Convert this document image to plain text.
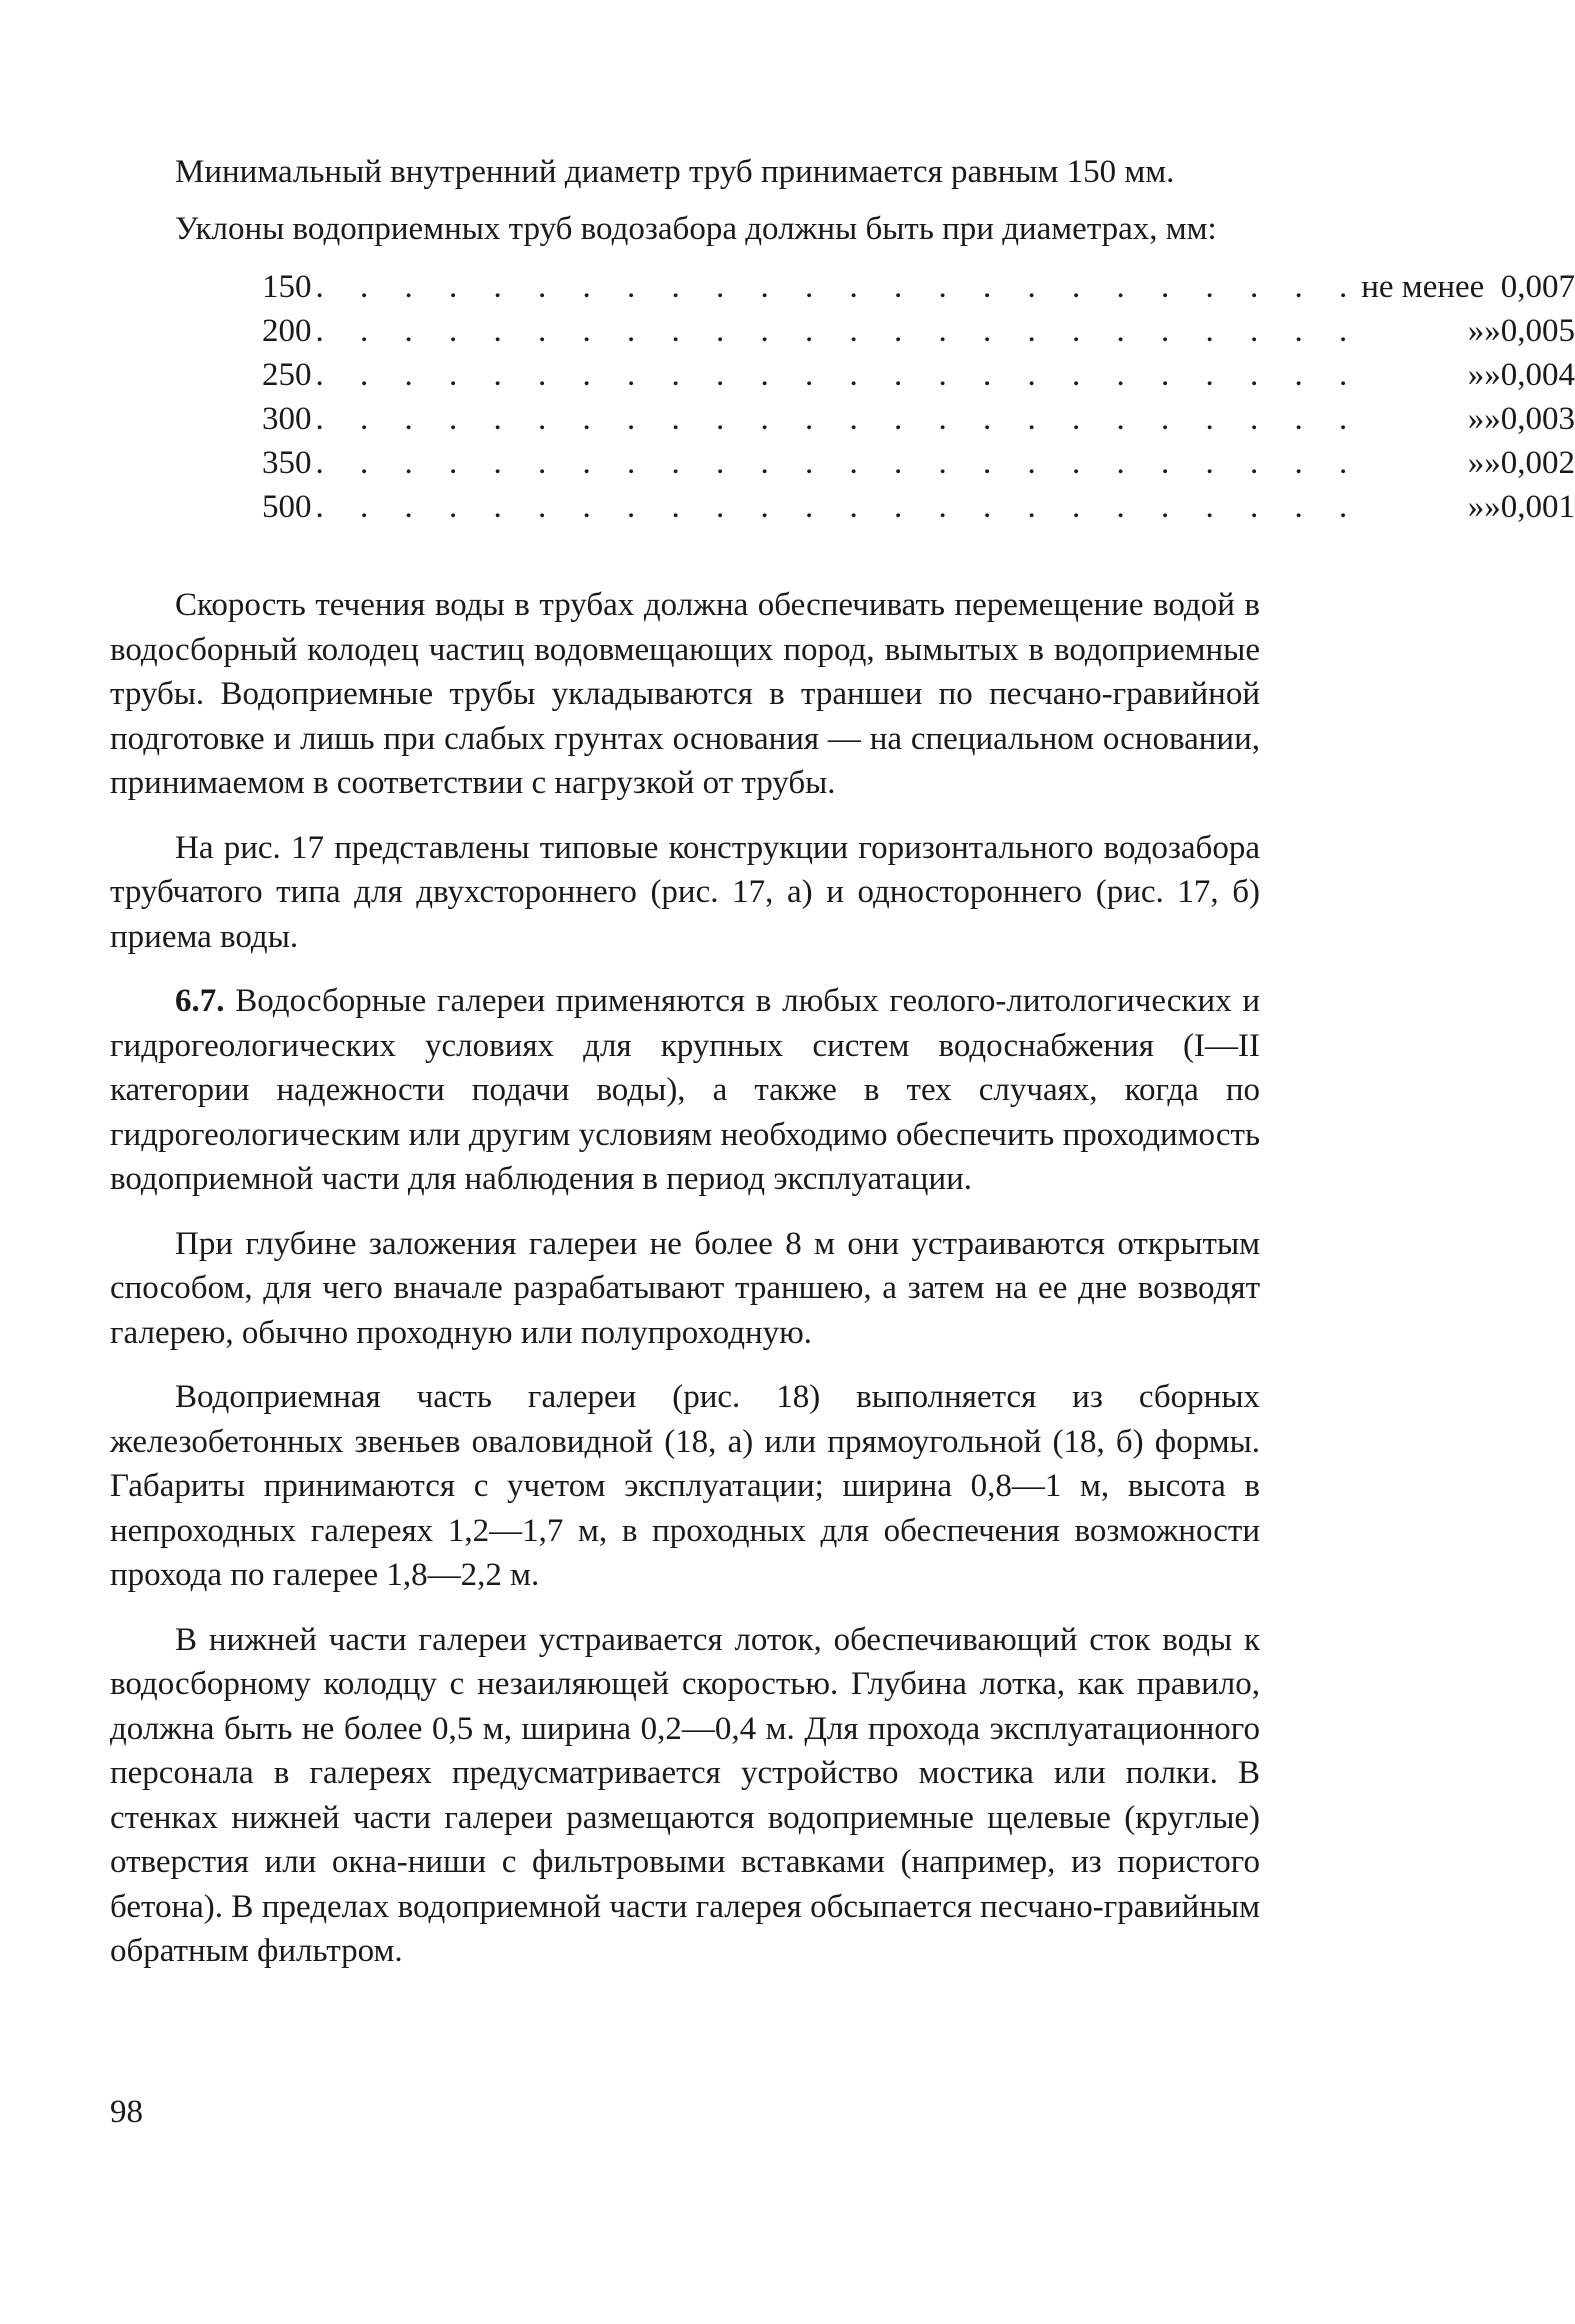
Минимальный внутренний диаметр труб принимается равным 150 мм.

Уклоны водоприемных труб водозабора должны быть при диаметрах, мм:

150	. . . . . . . . . . . . . . . . . . . . . . . .	не менее		0,007
200	. . . . . . . . . . . . . . . . . . . . . . . .	»	»	0,005
250	. . . . . . . . . . . . . . . . . . . . . . . .	»	»	0,004
300	. . . . . . . . . . . . . . . . . . . . . . . .	»	»	0,003
350	. . . . . . . . . . . . . . . . . . . . . . . .	»	»	0,002
500	. . . . . . . . . . . . . . . . . . . . . . . .	»	»	0,001

Скорость течения воды в трубах должна обеспечивать перемещение водой в водосборный колодец частиц водовмещающих пород, вымытых в водоприемные трубы. Водоприемные трубы укладываются в траншеи по песчано-гравийной подготовке и лишь при слабых грунтах основания — на специальном основании, принимаемом в соответствии с нагрузкой от трубы.

На рис. 17 представлены типовые конструкции горизонтального водозабора трубчатого типа для двухстороннего (рис. 17, а) и одностороннего (рис. 17, б) приема воды.

6.7. Водосборные галереи применяются в любых геолого-литологических и гидрогеологических условиях для крупных систем водоснабжения (I—II категории надежности подачи воды), а также в тех случаях, когда по гидрогеологическим или другим условиям необходимо обеспечить проходимость водоприемной части для наблюдения в период эксплуатации.

При глубине заложения галереи не более 8 м они устраиваются открытым способом, для чего вначале разрабатывают траншею, а затем на ее дне возводят галерею, обычно проходную или полупроходную.

Водоприемная часть галереи (рис. 18) выполняется из сборных железобетонных звеньев оваловидной (18, а) или прямоугольной (18, б) формы. Габариты принимаются с учетом эксплуатации; ширина 0,8—1 м, высота в непроходных галереях 1,2—1,7 м, в проходных для обеспечения возможности прохода по галерее 1,8—2,2 м.

В нижней части галереи устраивается лоток, обеспечивающий сток воды к водосборному колодцу с незаиляющей скоростью. Глубина лотка, как правило, должна быть не более 0,5 м, ширина 0,2—0,4 м. Для прохода эксплуатационного персонала в галереях предусматривается устройство мостика или полки. В стенках нижней части галереи размещаются водоприемные щелевые (круглые) отверстия или окна-ниши с фильтровыми вставками (например, из пористого бетона). В пределах водоприемной части галерея обсыпается песчано-гравийным обратным фильтром.

98
